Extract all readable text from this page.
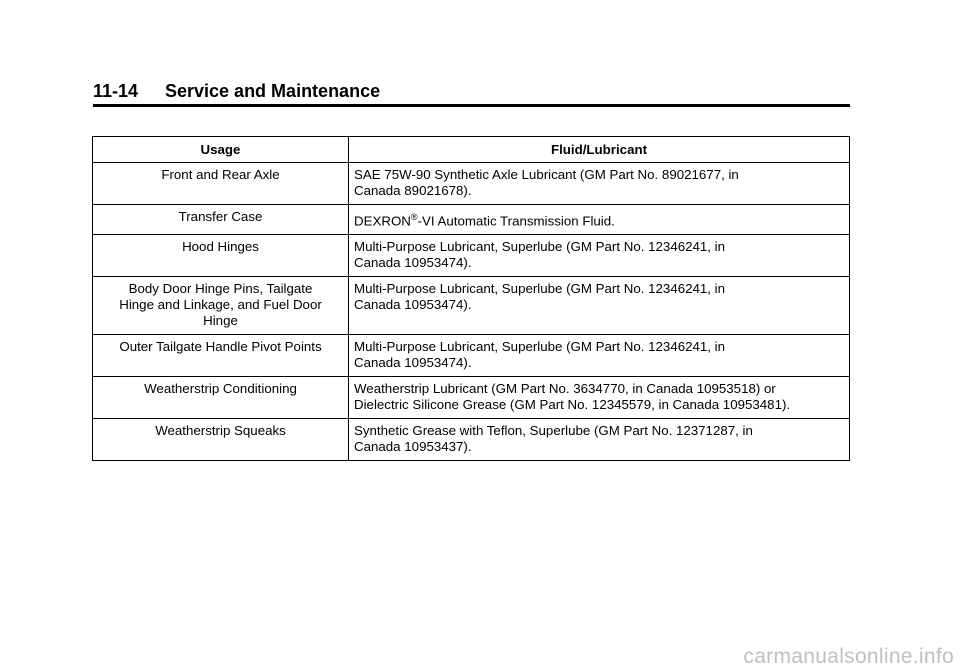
11-14 Service and Maintenance
Usage	Fluid/Lubricant
Front and Rear Axle	SAE 75W-90 Synthetic Axle Lubricant (GM Part No. 89021677, in
Canada 89021678).

Transfer Case	DEXRON®-VI Automatic Transmission Fluid.
Hood Hinges	Multi-Purpose Lubricant, Superlube (GM Part No. 12346241, in
Canada 10953474).

Body Door Hinge Pins, Tailgate
Hinge and Linkage, and Fuel Door
Hinge	Multi-Purpose Lubricant, Superlube (GM Part No. 12346241, in
Canada 10953474).

Outer Tailgate Handle Pivot Points	Multi-Purpose Lubricant, Superlube (GM Part No. 12346241, in
Canada 10953474).

Weatherstrip Conditioning	Weatherstrip Lubricant (GM Part No. 3634770, in Canada 10953518) or
Dielectric Silicone Grease (GM Part No. 12345579, in Canada 10953481).

Weatherstrip Squeaks	Synthetic Grease with Teflon, Superlube (GM Part No. 12371287, in
Canada 10953437).
carmanualsonline.info
